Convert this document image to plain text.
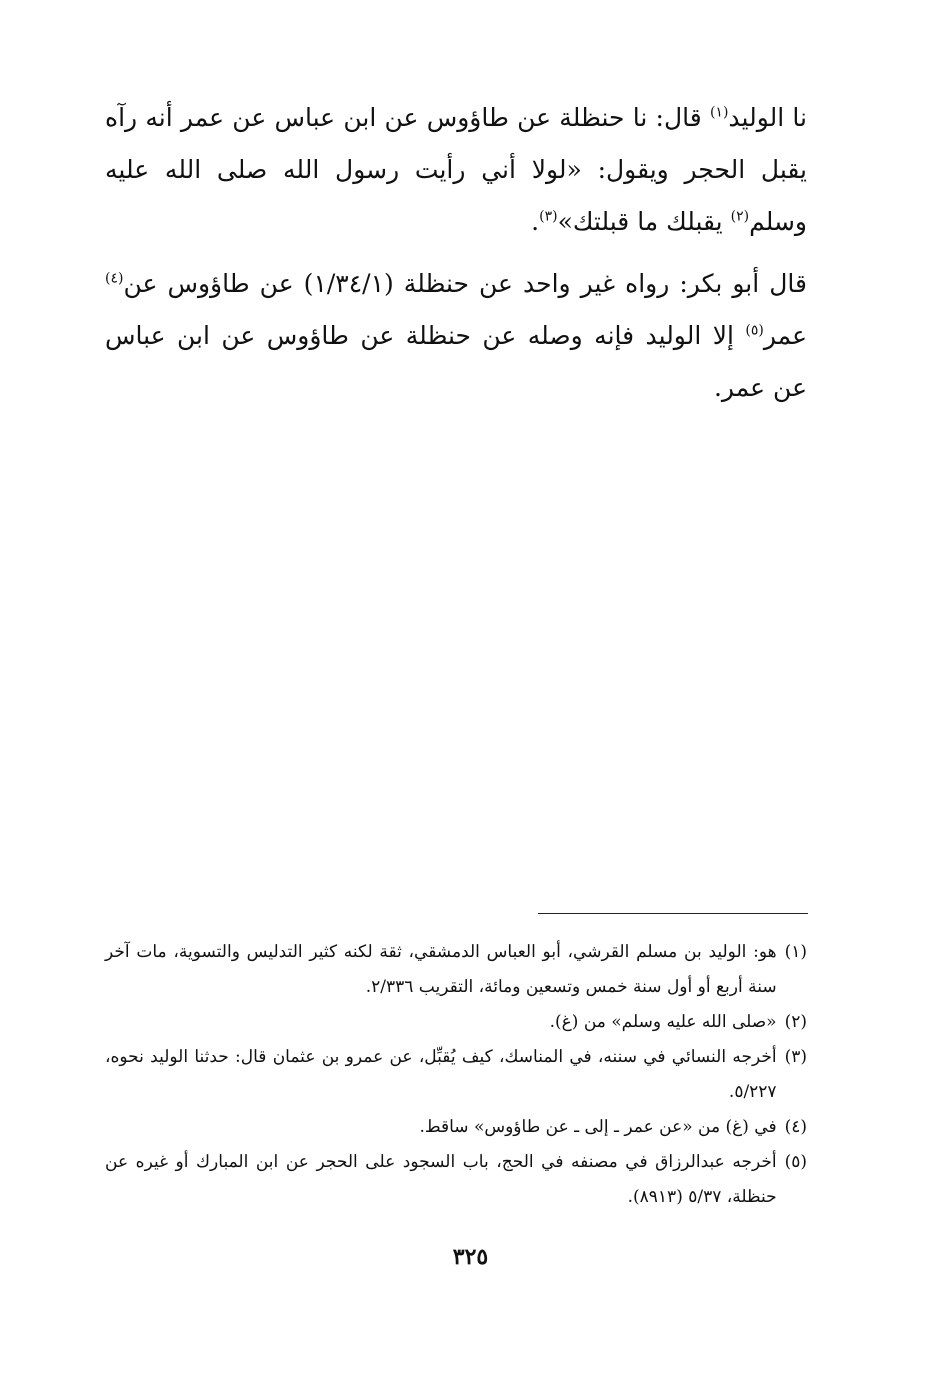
نا الوليد$^{(١)}$ قال: نا حنظلة عن طاؤوس عن ابن عباس عن عمر أنه رآه يقبل الحجر ويقول: «لولا أني رأيت رسول الله صلى الله عليه وسلم$^{(٢)}$ يقبلك ما قبلتك»$^{(٣)}$.

قال أبو بكر: رواه غير واحد عن حنظلة (١/٣٤/١) عن طاؤوس عن$^{(٤)}$ عمر$^{(٥)}$ إلا الوليد فإنه وصله عن حنظلة عن طاؤوس عن ابن عباس عن عمر.

(١)
هو: الوليد بن مسلم القرشي، أبو العباس الدمشقي، ثقة لكنه كثير التدليس والتسوية، مات آخر سنة أربع أو أول سنة خمس وتسعين ومائة، التقريب ٢/٣٣٦.
(٢)
«صلى الله عليه وسلم» من (غ).
(٣)
أخرجه النسائي في سننه، في المناسك، كيف يُقبِّل، عن عمرو بن عثمان قال: حدثنا الوليد نحوه، ٥/٢٢٧.
(٤)
في (غ) من «عن عمر ـ إلى ـ عن طاؤوس» ساقط.
(٥)
أخرجه عبدالرزاق في مصنفه في الحج، باب السجود على الحجر عن ابن المبارك أو غيره عن حنظلة، ٥/٣٧ (٨٩١٣).
٣٢٥
